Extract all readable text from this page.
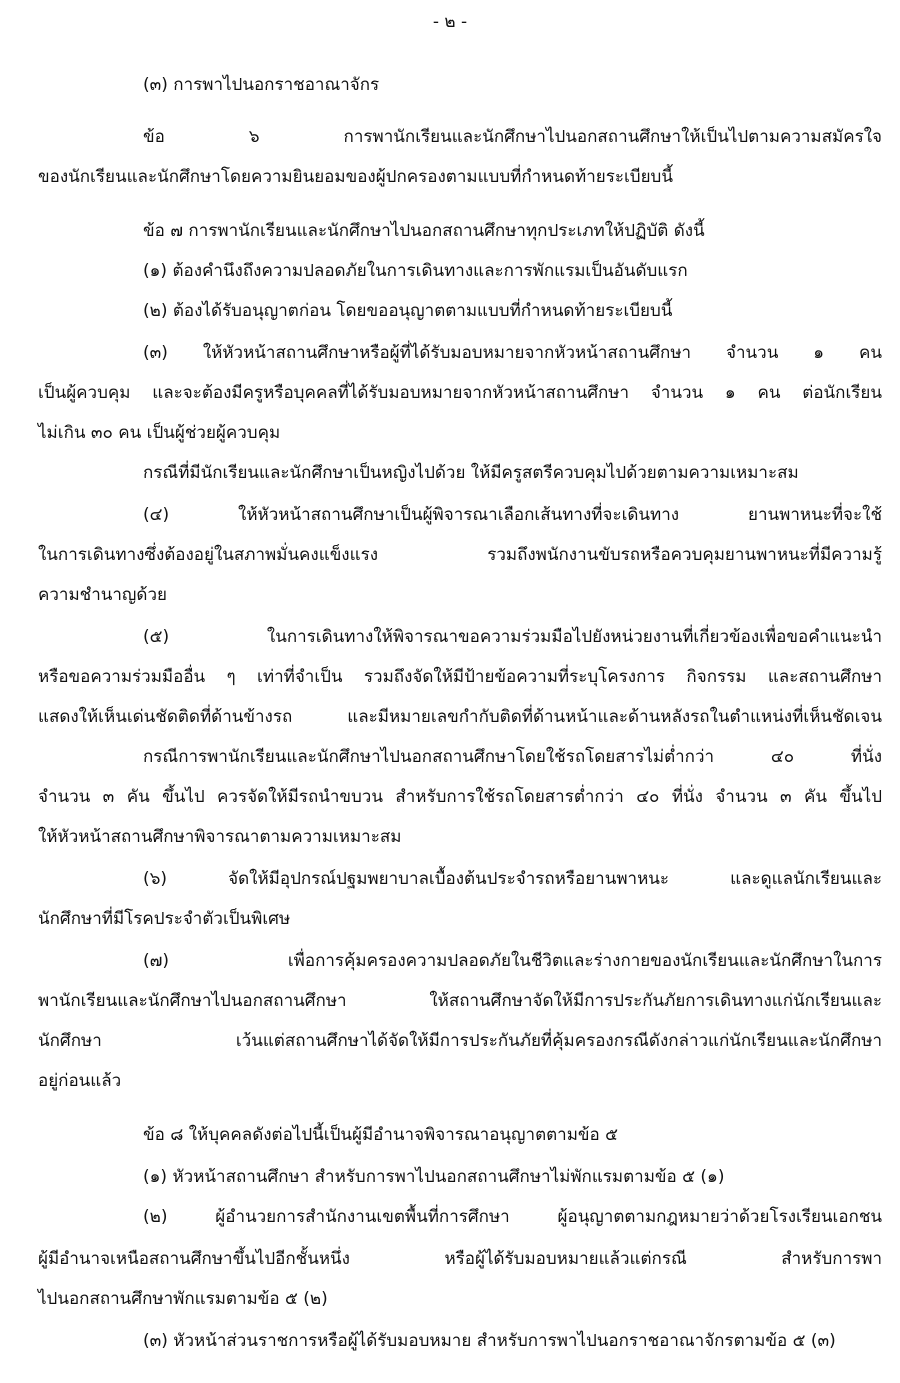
- ๒ -
(๓) การพาไปนอกราชอาณาจักร
ข้อ ๖ การพานักเรียนและนักศึกษาไปนอกสถานศึกษาให้เป็นไปตามความสมัครใจ
ของนักเรียนและนักศึกษาโดยความยินยอมของผู้ปกครองตามแบบที่กำหนดท้ายระเบียบนี้
ข้อ ๗ การพานักเรียนและนักศึกษาไปนอกสถานศึกษาทุกประเภทให้ปฏิบัติ ดังนี้
(๑) ต้องคำนึงถึงความปลอดภัยในการเดินทางและการพักแรมเป็นอันดับแรก
(๒) ต้องได้รับอนุญาตก่อน โดยขออนุญาตตามแบบที่กำหนดท้ายระเบียบนี้
(๓) ให้หัวหน้าสถานศึกษาหรือผู้ที่ได้รับมอบหมายจากหัวหน้าสถานศึกษา จำนวน ๑ คน
เป็นผู้ควบคุม และจะต้องมีครูหรือบุคคลที่ได้รับมอบหมายจากหัวหน้าสถานศึกษา จำนวน ๑ คน ต่อนักเรียน
ไม่เกิน ๓๐ คน เป็นผู้ช่วยผู้ควบคุม
กรณีที่มีนักเรียนและนักศึกษาเป็นหญิงไปด้วย ให้มีครูสตรีควบคุมไปด้วยตามความเหมาะสม
(๔) ให้หัวหน้าสถานศึกษาเป็นผู้พิจารณาเลือกเส้นทางที่จะเดินทาง ยานพาหนะที่จะใช้
ในการเดินทางซึ่งต้องอยู่ในสภาพมั่นคงแข็งแรง รวมถึงพนักงานขับรถหรือควบคุมยานพาหนะที่มีความรู้
ความชำนาญด้วย
(๕) ในการเดินทางให้พิจารณาขอความร่วมมือไปยังหน่วยงานที่เกี่ยวข้องเพื่อขอคำแนะนำ
หรือขอความร่วมมืออื่น ๆ เท่าที่จำเป็น รวมถึงจัดให้มีป้ายข้อความที่ระบุโครงการ กิจกรรม และสถานศึกษา
แสดงให้เห็นเด่นชัดติดที่ด้านข้างรถ และมีหมายเลขกำกับติดที่ด้านหน้าและด้านหลังรถในตำแหน่งที่เห็นชัดเจน
กรณีการพานักเรียนและนักศึกษาไปนอกสถานศึกษาโดยใช้รถโดยสารไม่ต่ำกว่า ๔๐ ที่นั่ง
จำนวน ๓ คัน ขึ้นไป ควรจัดให้มีรถนำขบวน สำหรับการใช้รถโดยสารต่ำกว่า ๔๐ ที่นั่ง จำนวน ๓ คัน ขึ้นไป
ให้หัวหน้าสถานศึกษาพิจารณาตามความเหมาะสม
(๖) จัดให้มีอุปกรณ์ปฐมพยาบาลเบื้องต้นประจำรถหรือยานพาหนะ และดูแลนักเรียนและ
นักศึกษาที่มีโรคประจำตัวเป็นพิเศษ
(๗) เพื่อการคุ้มครองความปลอดภัยในชีวิตและร่างกายของนักเรียนและนักศึกษาในการ
พานักเรียนและนักศึกษาไปนอกสถานศึกษา ให้สถานศึกษาจัดให้มีการประกันภัยการเดินทางแก่นักเรียนและ
นักศึกษา เว้นแต่สถานศึกษาได้จัดให้มีการประกันภัยที่คุ้มครองกรณีดังกล่าวแก่นักเรียนและนักศึกษา
อยู่ก่อนแล้ว
ข้อ ๘ ให้บุคคลดังต่อไปนี้เป็นผู้มีอำนาจพิจารณาอนุญาตตามข้อ ๕
(๑) หัวหน้าสถานศึกษา สำหรับการพาไปนอกสถานศึกษาไม่พักแรมตามข้อ ๕ (๑)
(๒) ผู้อำนวยการสำนักงานเขตพื้นที่การศึกษา ผู้อนุญาตตามกฎหมายว่าด้วยโรงเรียนเอกชน
ผู้มีอำนาจเหนือสถานศึกษาขึ้นไปอีกชั้นหนึ่ง หรือผู้ได้รับมอบหมายแล้วแต่กรณี สำหรับการพา
ไปนอกสถานศึกษาพักแรมตามข้อ ๕ (๒)
(๓) หัวหน้าส่วนราชการหรือผู้ได้รับมอบหมาย สำหรับการพาไปนอกราชอาณาจักรตามข้อ ๕ (๓)
